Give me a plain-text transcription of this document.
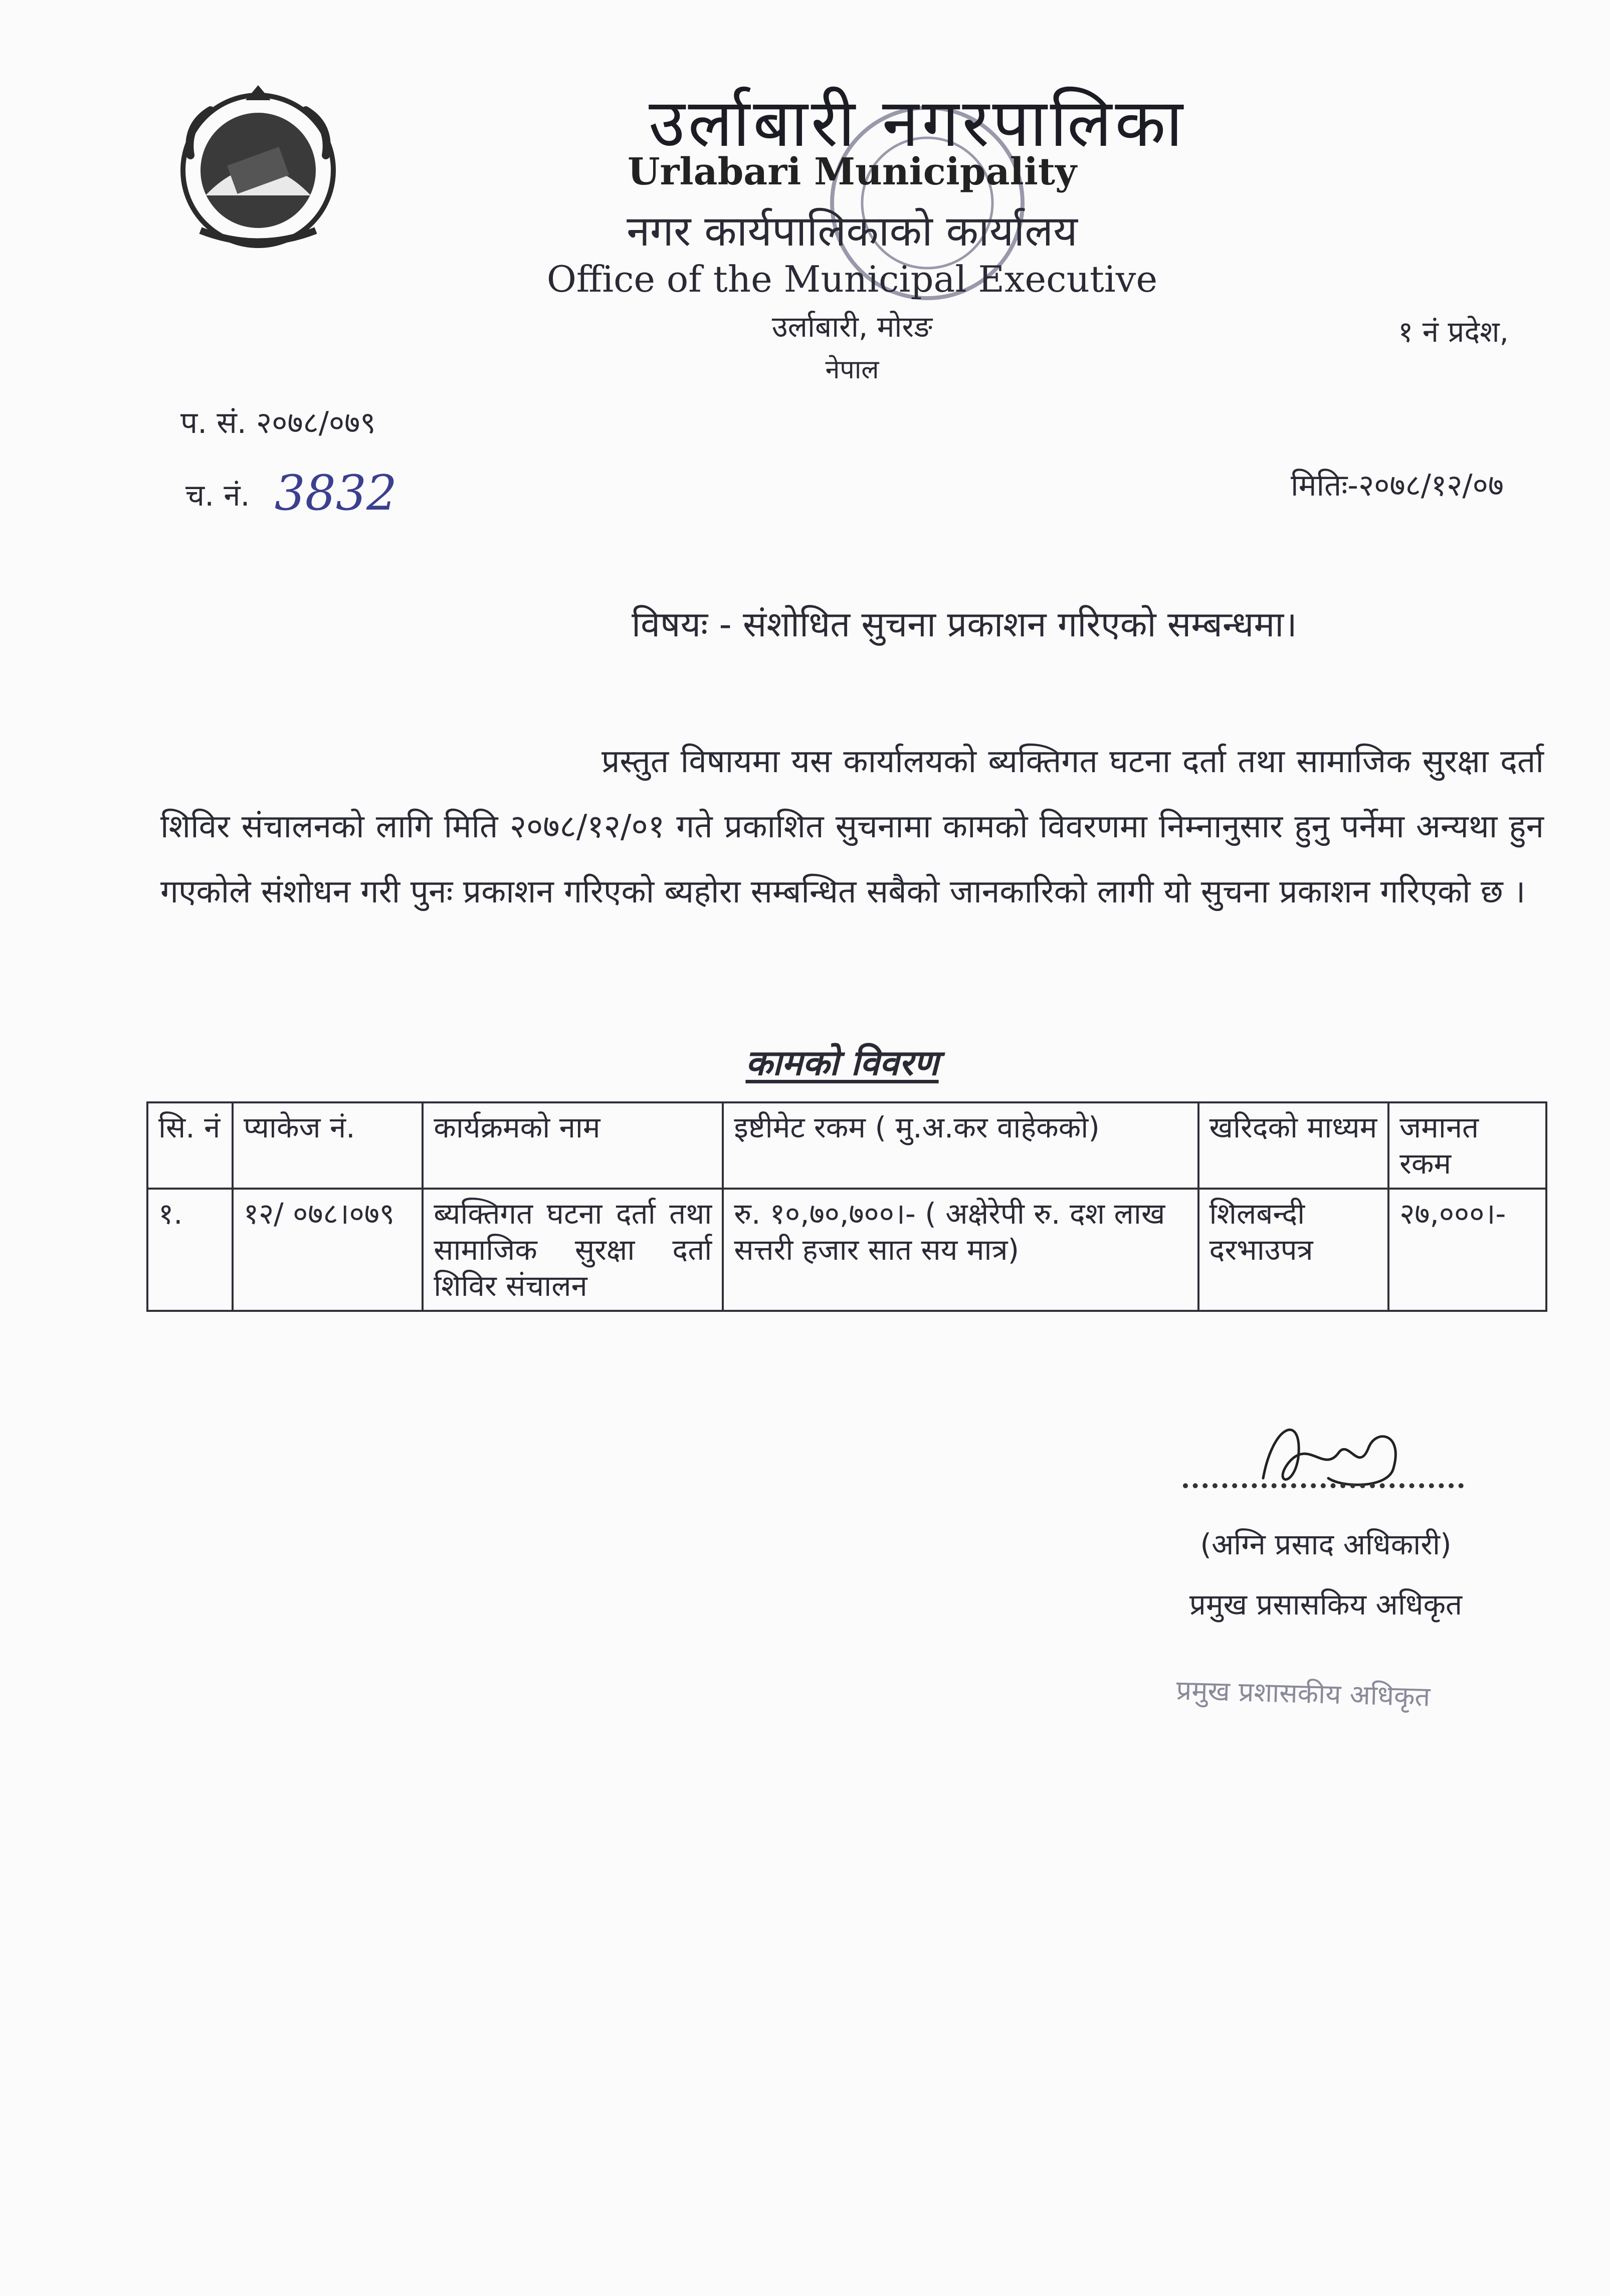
उर्लाबारी नगरपालिका
Urlabari Municipality
नगर कार्यपालिकाको कार्यालय
Office of the Municipal Executive
उर्लाबारी, मोरङ
नेपाल
१ नं प्रदेश,
प. सं. २०७८/०७९
च. नं. 3832	मितिः-२०७८/१२/०७
विषयः - संशोधित सुचना प्रकाशन गरिएको सम्बन्धमा।
प्रस्तुत विषायमा यस कार्यालयको ब्यक्तिगत घटना दर्ता तथा सामाजिक सुरक्षा दर्ता शिविर संचालनको लागि मिति २०७८/१२/०१ गते प्रकाशित सुचनामा कामको विवरणमा निम्नानुसार हुनु पर्नेमा अन्यथा हुन गएकोले संशोधन गरी पुनः प्रकाशन गरिएको ब्यहोरा सम्बन्धित सबैको जानकारिको लागी यो सुचना प्रकाशन गरिएको छ ।
कामको विवरण
सि. नं	प्याकेज नं.	कार्यक्रमको नाम	इष्टीमेट रकम ( मु.अ.कर वाहेकको)	खरिदको माध्यम	जमानत रकम
१.	१२/ ०७८।०७९	ब्यक्तिगत घटना दर्ता तथा सामाजिक सुरक्षा दर्ता शिविर संचालन	रु. १०,७०,७००।- ( अक्षेरेपी रु. दश लाख सत्तरी हजार सात सय मात्र)	शिलबन्दी दरभाउपत्र	२७,०००।-
(अग्नि प्रसाद अधिकारी)
प्रमुख प्रसासकिय अधिकृत
प्रमुख प्रशासकीय अधिकृत
